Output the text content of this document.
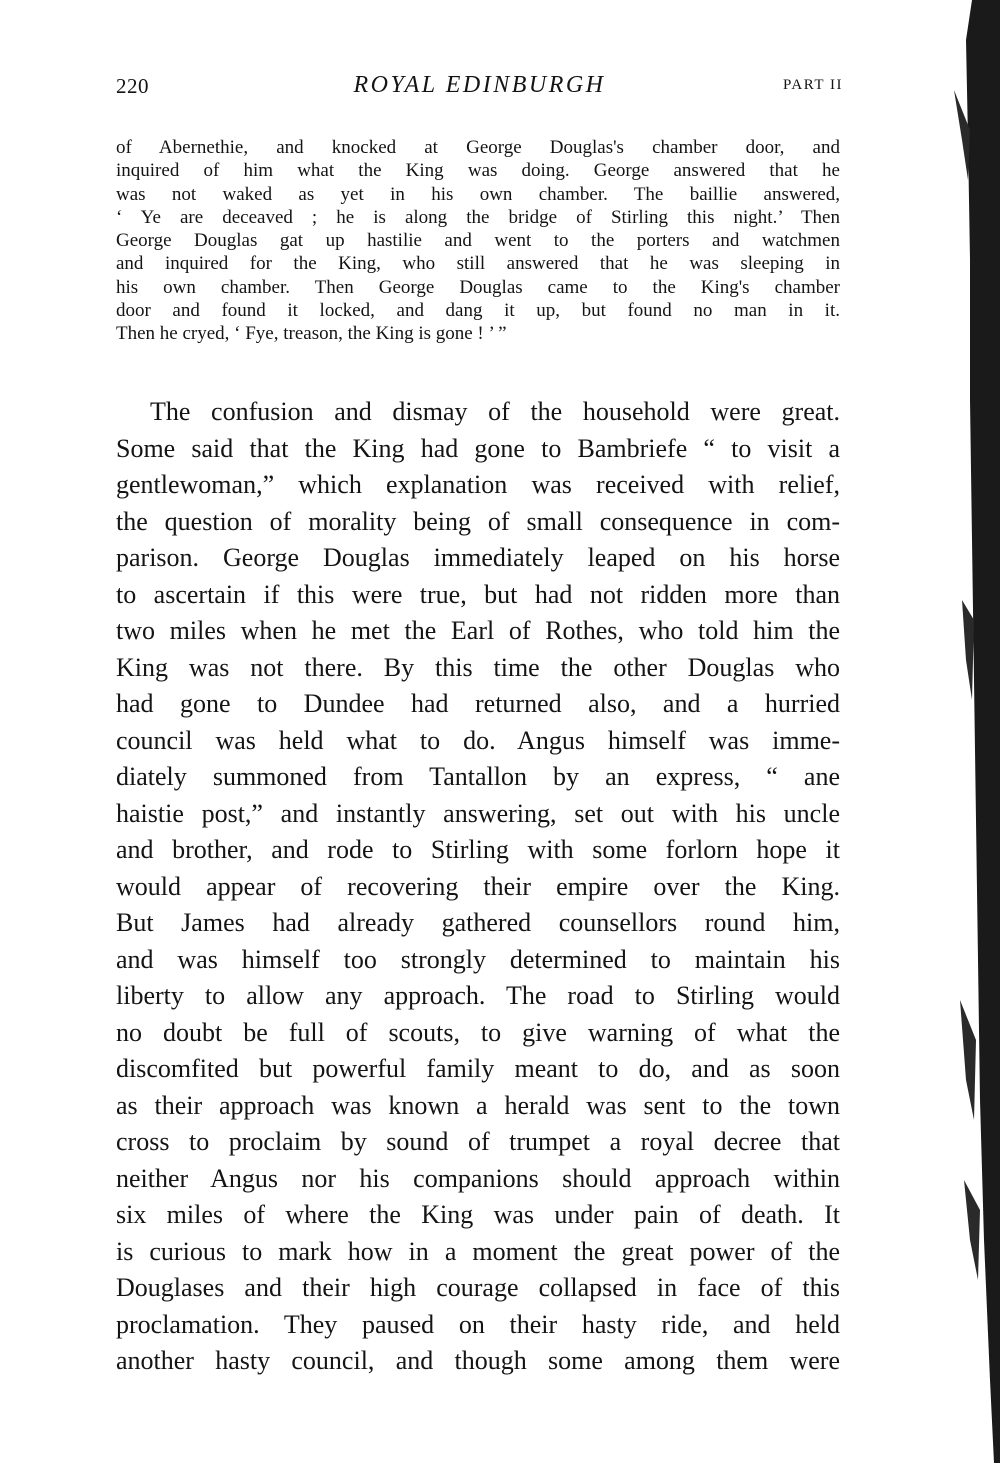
220	ROYAL EDINBURGH	PART II
of Abernethie, and knocked at George Douglas's chamber door, and
inquired of him what the King was doing. George answered that he
was not waked as yet in his own chamber. The baillie answered,
‘ Ye are deceaved ; he is along the bridge of Stirling this night.’ Then
George Douglas gat up hastilie and went to the porters and watchmen
and inquired for the King, who still answered that he was sleeping in
his own chamber. Then George Douglas came to the King's chamber
door and found it locked, and dang it up, but found no man in it.
Then he cryed, ‘ Fye, treason, the King is gone ! ’ ”
The confusion and dismay of the household were great.
Some said that the King had gone to Bambriefe “ to visit a
gentlewoman,” which explanation was received with relief,
the question of morality being of small consequence in com-
parison. George Douglas immediately leaped on his horse
to ascertain if this were true, but had not ridden more than
two miles when he met the Earl of Rothes, who told him the
King was not there. By this time the other Douglas who
had gone to Dundee had returned also, and a hurried
council was held what to do. Angus himself was imme-
diately summoned from Tantallon by an express, “ ane
haistie post,” and instantly answering, set out with his uncle
and brother, and rode to Stirling with some forlorn hope it
would appear of recovering their empire over the King.
But James had already gathered counsellors round him,
and was himself too strongly determined to maintain his
liberty to allow any approach. The road to Stirling would
no doubt be full of scouts, to give warning of what the
discomfited but powerful family meant to do, and as soon
as their approach was known a herald was sent to the town
cross to proclaim by sound of trumpet a royal decree that
neither Angus nor his companions should approach within
six miles of where the King was under pain of death. It
is curious to mark how in a moment the great power of the
Douglases and their high courage collapsed in face of this
proclamation. They paused on their hasty ride, and held
another hasty council, and though some among them were
